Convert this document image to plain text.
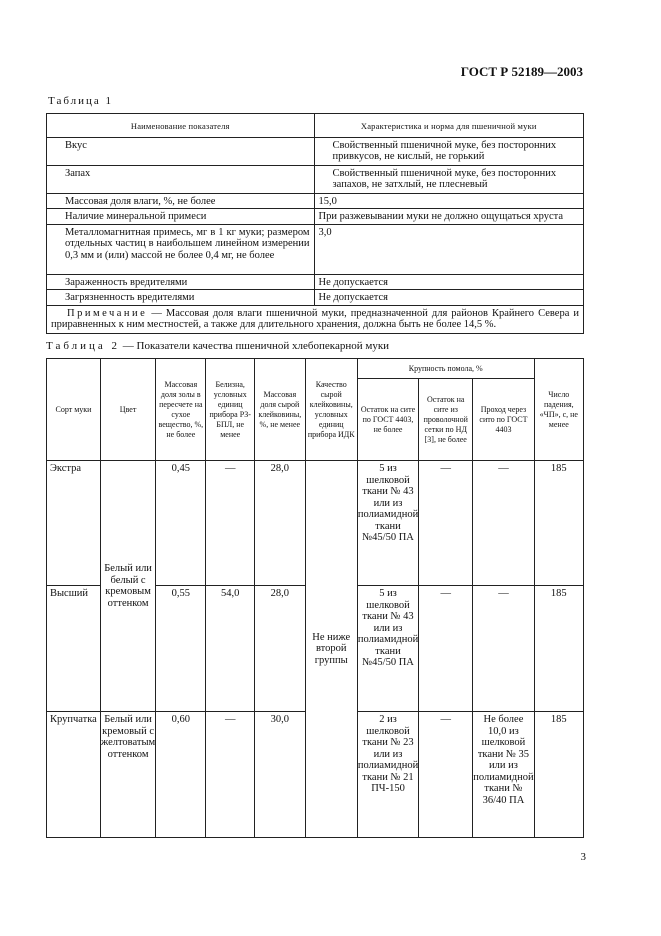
ГОСТ Р 52189—2003
Таблица 1
Наименование показателя	Характеристика и норма для пшеничной муки
Вкус	Свойственный пшеничной муке, без посторонних привкусов, не кислый, не горький
Запах	Свойственный пшеничной муке, без посторонних запахов, не затхлый, не плесневый
Массовая доля влаги, %, не более	15,0
Наличие минеральной примеси	При разжевывании муки не должно ощущаться хруста
Металломагнитная примесь, мг в 1 кг муки; размером отдельных частиц в наибольшем линейном измерении 0,3 мм и (или) массой не более 0,4 мг, не более	3,0
Зараженность вредителями	Не допускается
Загрязненность вредителями	Не допускается
Примечание — Массовая доля влаги пшеничной муки, предназначенной для районов Крайнего Севера и приравненных к ним местностей, а также для длительного хранения, должна быть не более 14,5 %.	
Таблица 2 — Показатели качества пшеничной хлебопекарной муки
Сорт муки	Цвет	Массовая доля золы в пересчете на сухое вещество, %, не более	Белизна, условных единиц прибора РЗ-БПЛ, не менее	Массовая доля сырой клейковины, %, не менее	Качество сырой клейковины, условных единиц прибора ИДК	Крупность помола, %			Число падения, «ЧП», с, не менее
						Остаток на сите по ГОСТ 4403, не более	Остаток на сите из проволочной сетки по НД [3], не более	Проход через сито по ГОСТ 4403	
Экстра	Белый или белый с кремовым оттенком	0,45	—	28,0	Не ниже второй группы	5 из шелковой ткани № 43 или из полиамидной ткани №45/50 ПА	—	—	185
Высший		0,55	54,0	28,0		5 из шелковой ткани № 43 или из полиамидной ткани №45/50 ПА	—	—	185
Крупчатка	Белый или кремовый с желтоватым оттенком	0,60	—	30,0		2 из шелковой ткани № 23 или из полиамидной ткани № 21 ПЧ-150	—	Не более 10,0 из шелковой ткани № 35 или из полиамидной ткани № 36/40 ПА	185
3
